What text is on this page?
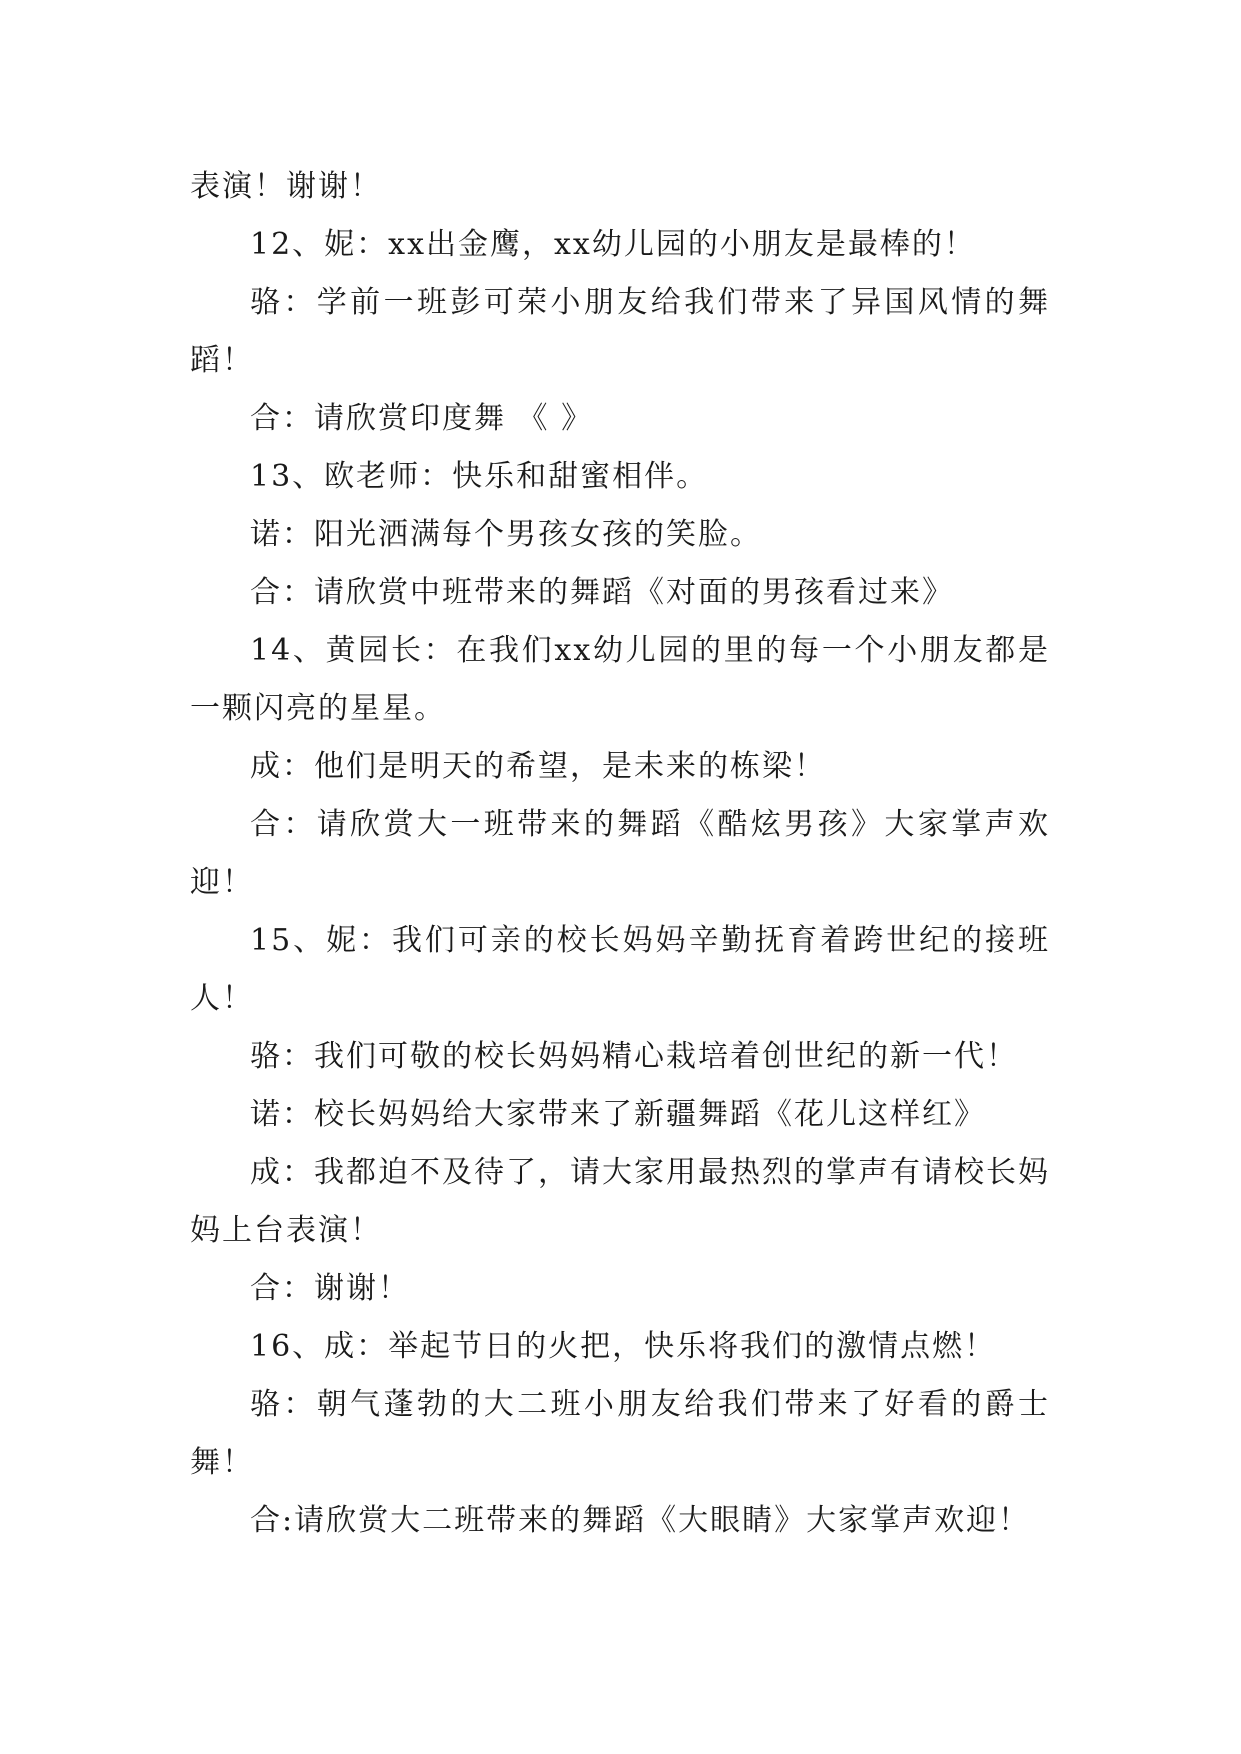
表演！谢谢！

12、妮：xx出金鹰，xx幼儿园的小朋友是最棒的！

骆：学前一班彭可荣小朋友给我们带来了异国风情的舞蹈！

合：请欣赏印度舞 《 》

13、欧老师：快乐和甜蜜相伴。

诺：阳光洒满每个男孩女孩的笑脸。

合：请欣赏中班带来的舞蹈《对面的男孩看过来》

14、黄园长：在我们xx幼儿园的里的每一个小朋友都是一颗闪亮的星星。

成：他们是明天的希望，是未来的栋梁！

合：请欣赏大一班带来的舞蹈《酷炫男孩》大家掌声欢迎！

15、妮：我们可亲的校长妈妈辛勤抚育着跨世纪的接班人！

骆：我们可敬的校长妈妈精心栽培着创世纪的新一代！

诺：校长妈妈给大家带来了新疆舞蹈《花儿这样红》

成：我都迫不及待了，请大家用最热烈的掌声有请校长妈妈上台表演！

合：谢谢！

16、成：举起节日的火把，快乐将我们的激情点燃！

骆：朝气蓬勃的大二班小朋友给我们带来了好看的爵士舞！

合:请欣赏大二班带来的舞蹈《大眼睛》大家掌声欢迎！
